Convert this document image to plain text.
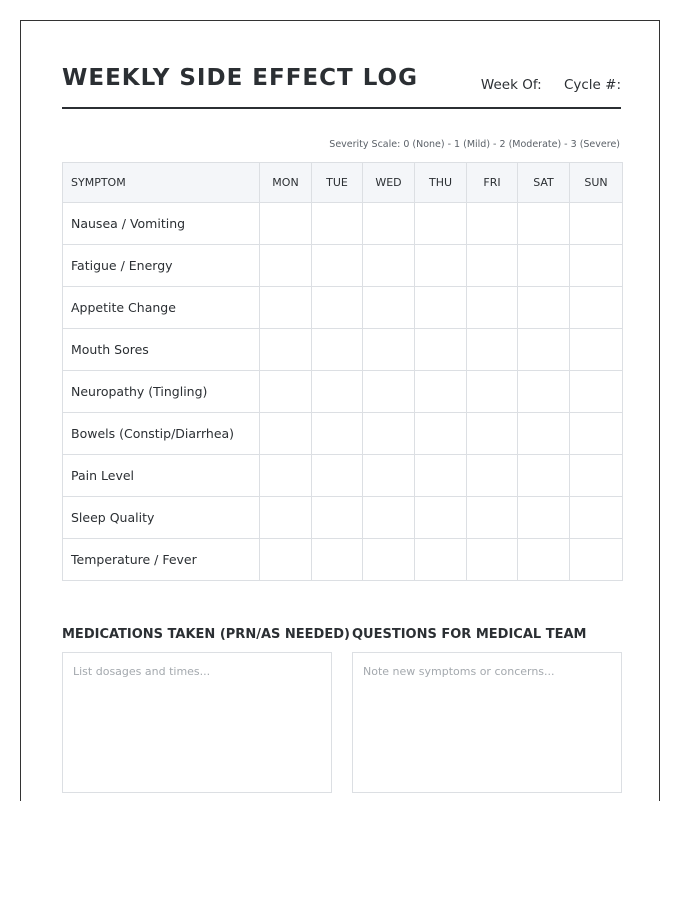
WEEKLY SIDE EFFECT LOG	Week Of: Cycle #:
Severity Scale: 0 (None) - 1 (Mild) - 2 (Moderate) - 3 (Severe)
SYMPTOM	MON	TUE	WED	THU	FRI	SAT	SUN
Nausea / Vomiting							
Fatigue / Energy							
Appetite Change							
Mouth Sores							
Neuropathy (Tingling)							
Bowels (Constip/Diarrhea)							
Pain Level							
Sleep Quality							
Temperature / Fever							
MEDICATIONS TAKEN (PRN/AS NEEDED)
List dosages and times... QUESTIONS FOR MEDICAL TEAM
Note new symptoms or concerns...
